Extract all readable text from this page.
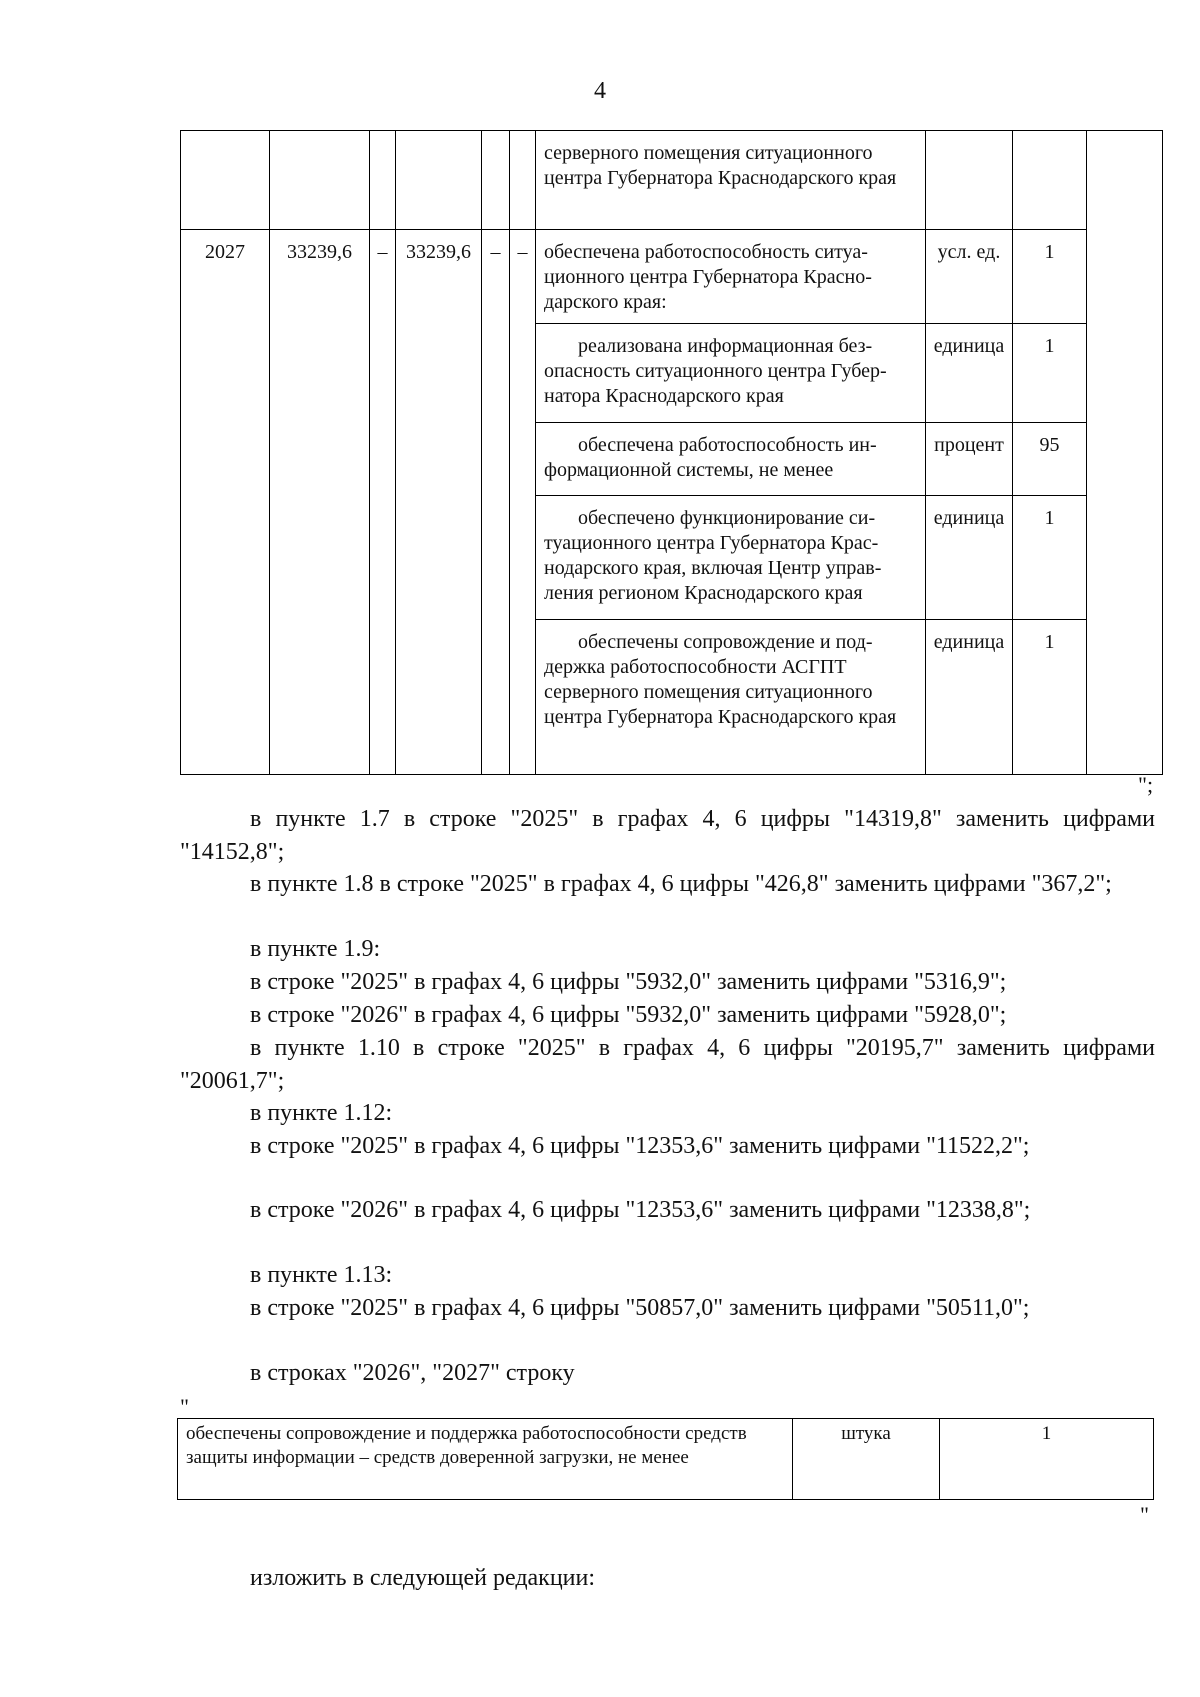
4
						серверного помещения ситуационного центра Губернатора Краснодарского края			
2027	33239,6	–	33239,6	–	–	обеспечена работоспособность ситуа-ционного центра Губернатора Красно-дарского края:	усл. ед.	1	
						реализована информационная без-опасность ситуационного центра Губер-натора Краснодарского края	единица	1	
						обеспечена работоспособность ин-формационной системы, не менее	процент	95	
						обеспечено функционирование си-туационного центра Губернатора Крас-нодарского края, включая Центр управ-ления регионом Краснодарского края	единица	1	
						обеспечены сопровождение и под-держка работоспособности АСГПТ серверного помещения ситуационного центра Губернатора Краснодарского края	единица	1	
";

в пункте 1.7 в строке "2025" в графах 4, 6 цифры "14319,8" заменить цифрами "14152,8";

в пункте 1.8 в строке "2025" в графах 4, 6 цифры "426,8" заменить цифрами "367,2";

в пункте 1.9:

в строке "2025" в графах 4, 6 цифры "5932,0" заменить цифрами "5316,9";

в строке "2026" в графах 4, 6 цифры "5932,0" заменить цифрами "5928,0";

в пункте 1.10 в строке "2025" в графах 4, 6 цифры "20195,7" заменить цифрами "20061,7";

в пункте 1.12:

в строке "2025" в графах 4, 6 цифры "12353,6" заменить цифрами "11522,2";

в строке "2026" в графах 4, 6 цифры "12353,6" заменить цифрами "12338,8";

в пункте 1.13:

в строке "2025" в графах 4, 6 цифры "50857,0" заменить цифрами "50511,0";

в строках "2026", "2027" строку

"
обеспечены сопровождение и поддержка работоспособности средств защиты информации – средств доверенной загрузки, не менее	штука	1
"

изложить в следующей редакции:
